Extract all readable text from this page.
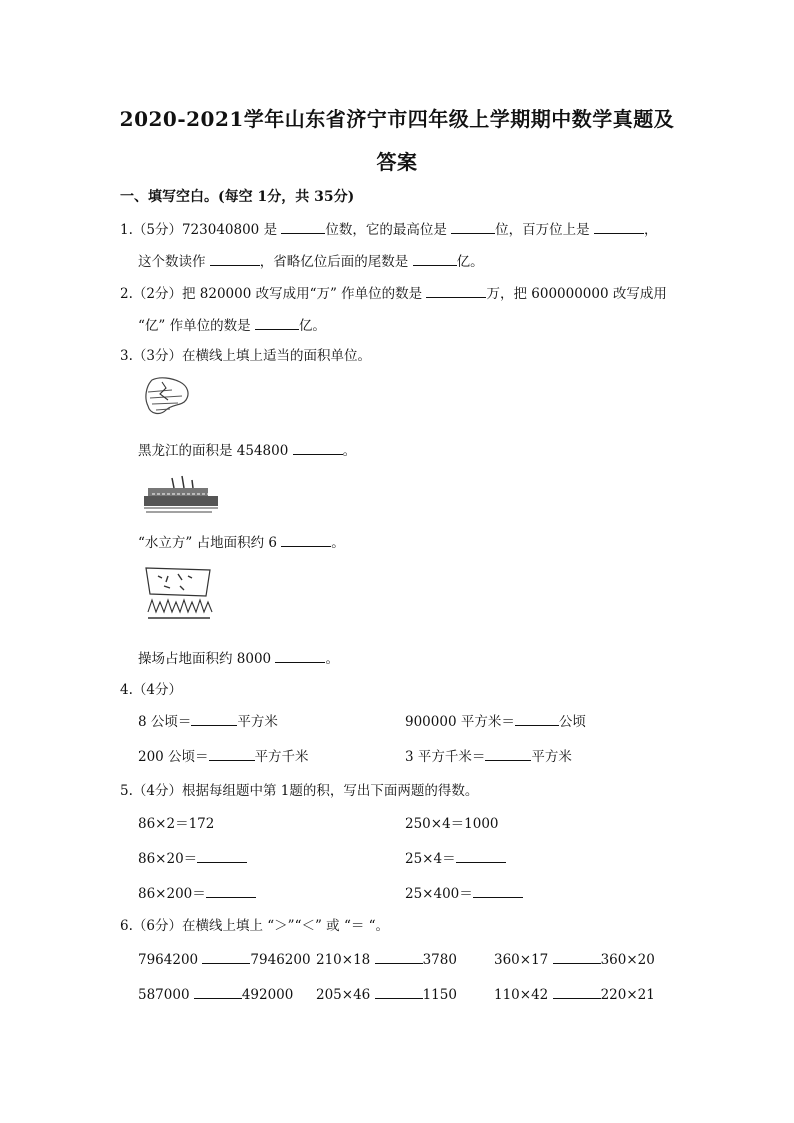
2020-2021学年山东省济宁市四年级上学期期中数学真题及
答案
一、填写空白。(每空 1分，共 35分)
1.（5分）723040800 是	位数，它的最高位是	位，百万位上是	，
这个数读作	，省略亿位后面的尾数是	亿。
2.（2分）把 820000 改写成用“万” 作单位的数是	万，把 600000000 改写成用
“亿” 作单位的数是	亿。
3.（3分）在横线上填上适当的面积单位。
黑龙江的面积是 454800	。
“水立方” 占地面积约 6	。
操场占地面积约 8000	。
4.（4分）
8 公顷＝	平方米	900000 平方米＝	公顷
200 公顷＝	平方千米	3 平方千米＝	平方米
5.（4分）根据每组题中第 1题的积，写出下面两题的得数。
86×2＝172	250×4＝1000
86×20＝	25×4＝
86×200＝	25×400＝
6.（6分）在横线上填上 “＞”“＜” 或 “＝ “。
7964200	7946200 210×18	3780	360×17	360×20
587000	492000 205×46	1150	110×42	220×21
